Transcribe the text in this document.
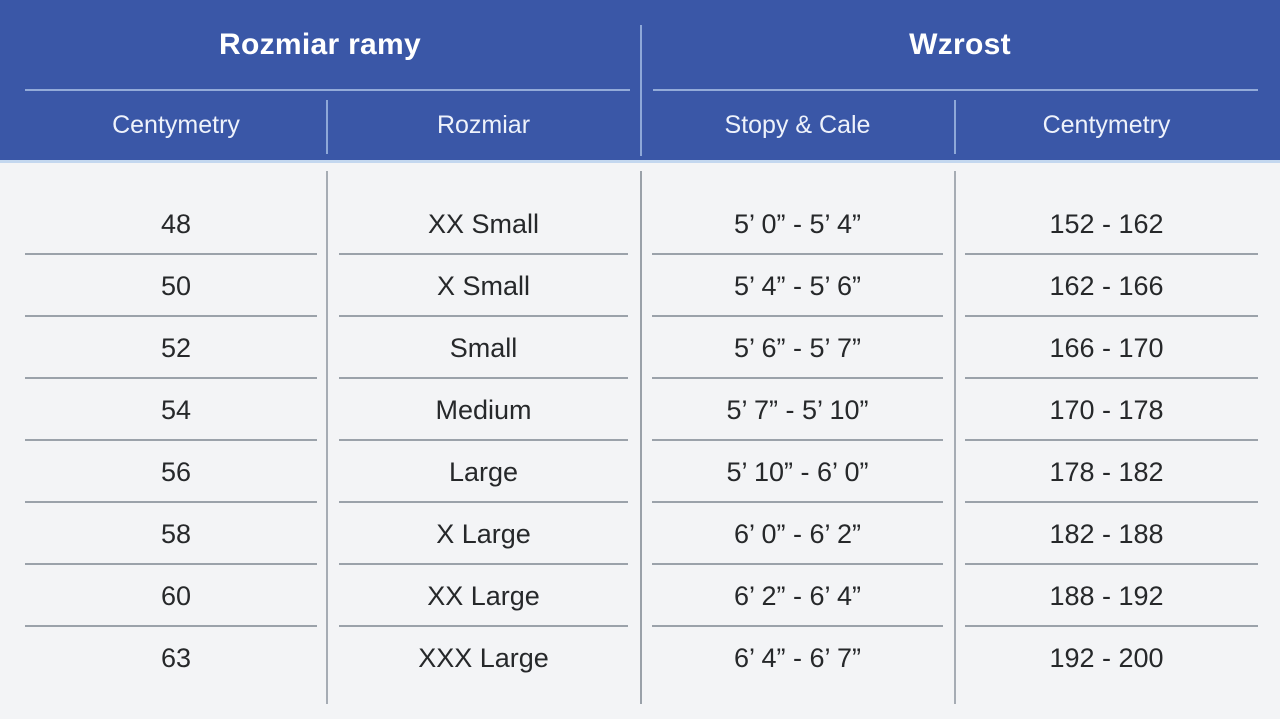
Rozmiar ramy
Centymetry	Rozmiar
Wzrost
Stopy & Cale	Centymetry
48	XX Small	5’ 0” - 5’ 4”	152 - 162
50	X Small	5’ 4” - 5’ 6”	162 - 166
52	Small	5’ 6” - 5’ 7”	166 - 170
54	Medium	5’ 7” - 5’ 10”	170 - 178
56	Large	5’ 10” - 6’ 0”	178 - 182
58	X Large	6’ 0” - 6’ 2”	182 - 188
60	XX Large	6’ 2” - 6’ 4”	188 - 192
63	XXX Large	6’ 4” - 6’ 7”	192 - 200
